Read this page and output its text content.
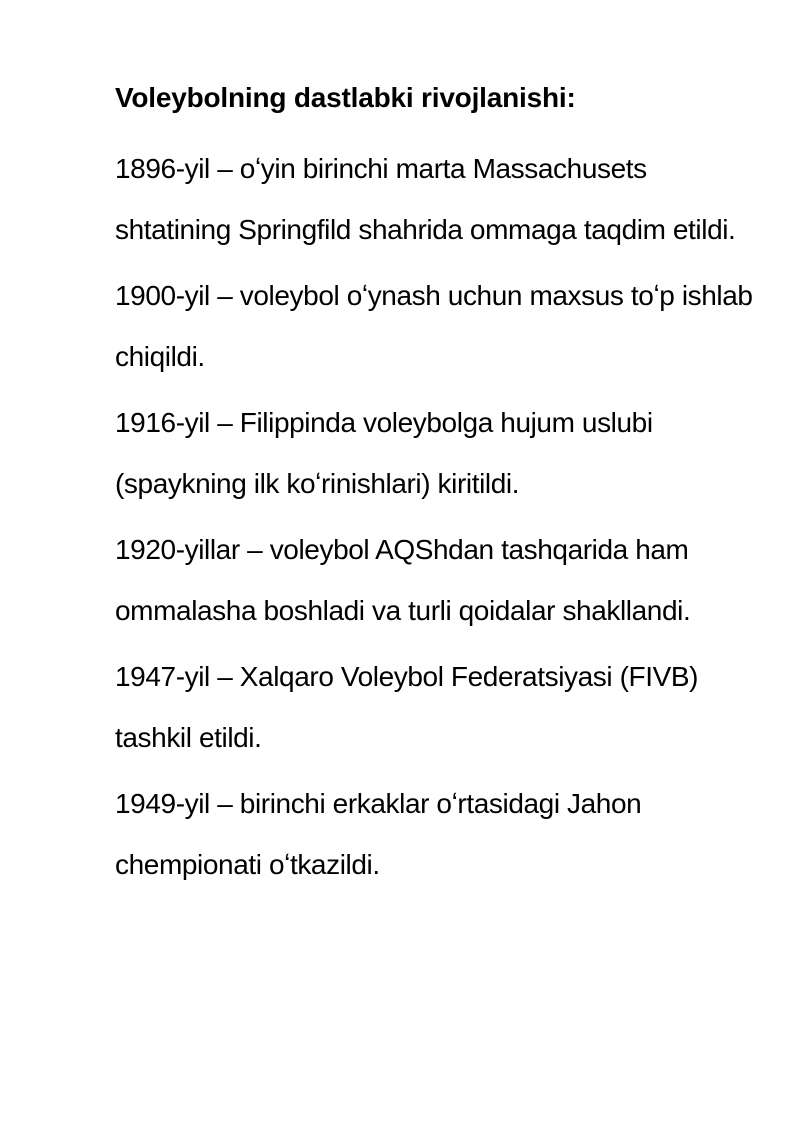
Voleybolning dastlabki rivojlanishi:

1896-yil – oʻyin birinchi marta Massachusets shtatining Springfild shahrida ommaga taqdim etildi.

1900-yil – voleybol oʻynash uchun maxsus toʻp ishlab chiqildi.

1916-yil – Filippinda voleybolga hujum uslubi (spaykning ilk koʻrinishlari) kiritildi.

1920-yillar – voleybol AQShdan tashqarida ham ommalasha boshladi va turli qoidalar shakllandi.

1947-yil – Xalqaro Voleybol Federatsiyasi (FIVB) tashkil etildi.

1949-yil – birinchi erkaklar oʻrtasidagi Jahon chempionati oʻtkazildi.
